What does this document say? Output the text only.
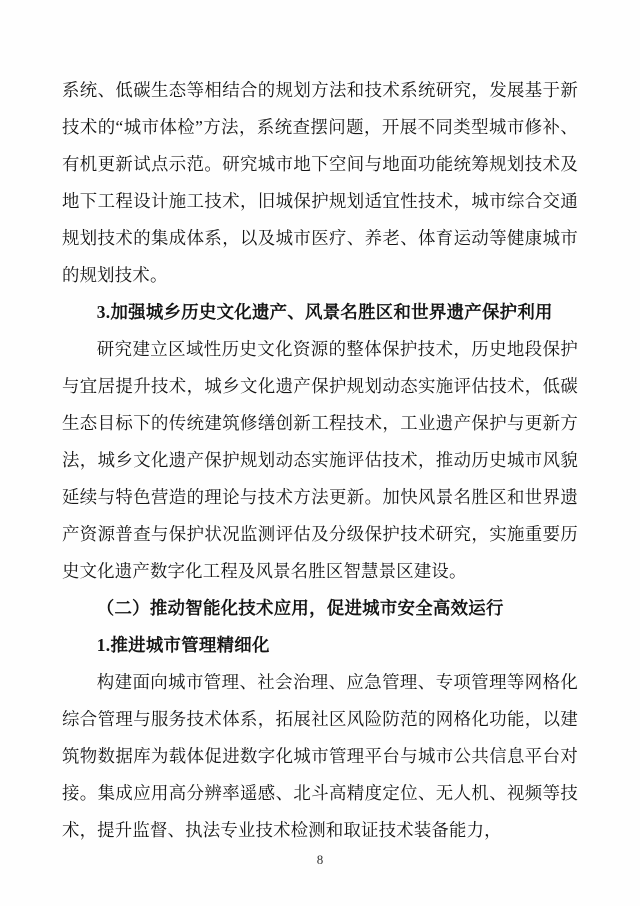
系统、低碳生态等相结合的规划方法和技术系统研究，发展基于新技术的“城市体检”方法，系统查摆问题，开展不同类型城市修补、有机更新试点示范。研究城市地下空间与地面功能统筹规划技术及地下工程设计施工技术，旧城保护规划适宜性技术，城市综合交通规划技术的集成体系，以及城市医疗、养老、体育运动等健康城市的规划技术。

3.加强城乡历史文化遗产、风景名胜区和世界遗产保护利用

研究建立区域性历史文化资源的整体保护技术，历史地段保护与宜居提升技术，城乡文化遗产保护规划动态实施评估技术，低碳生态目标下的传统建筑修缮创新工程技术，工业遗产保护与更新方法，城乡文化遗产保护规划动态实施评估技术，推动历史城市风貌延续与特色营造的理论与技术方法更新。加快风景名胜区和世界遗产资源普查与保护状况监测评估及分级保护技术研究，实施重要历史文化遗产数字化工程及风景名胜区智慧景区建设。

（二）推动智能化技术应用，促进城市安全高效运行

1.推进城市管理精细化

构建面向城市管理、社会治理、应急管理、专项管理等网格化综合管理与服务技术体系，拓展社区风险防范的网格化功能，以建筑物数据库为载体促进数字化城市管理平台与城市公共信息平台对接。集成应用高分辨率遥感、北斗高精度定位、无人机、视频等技术，提升监督、执法专业技术检测和取证技术装备能力，

8
